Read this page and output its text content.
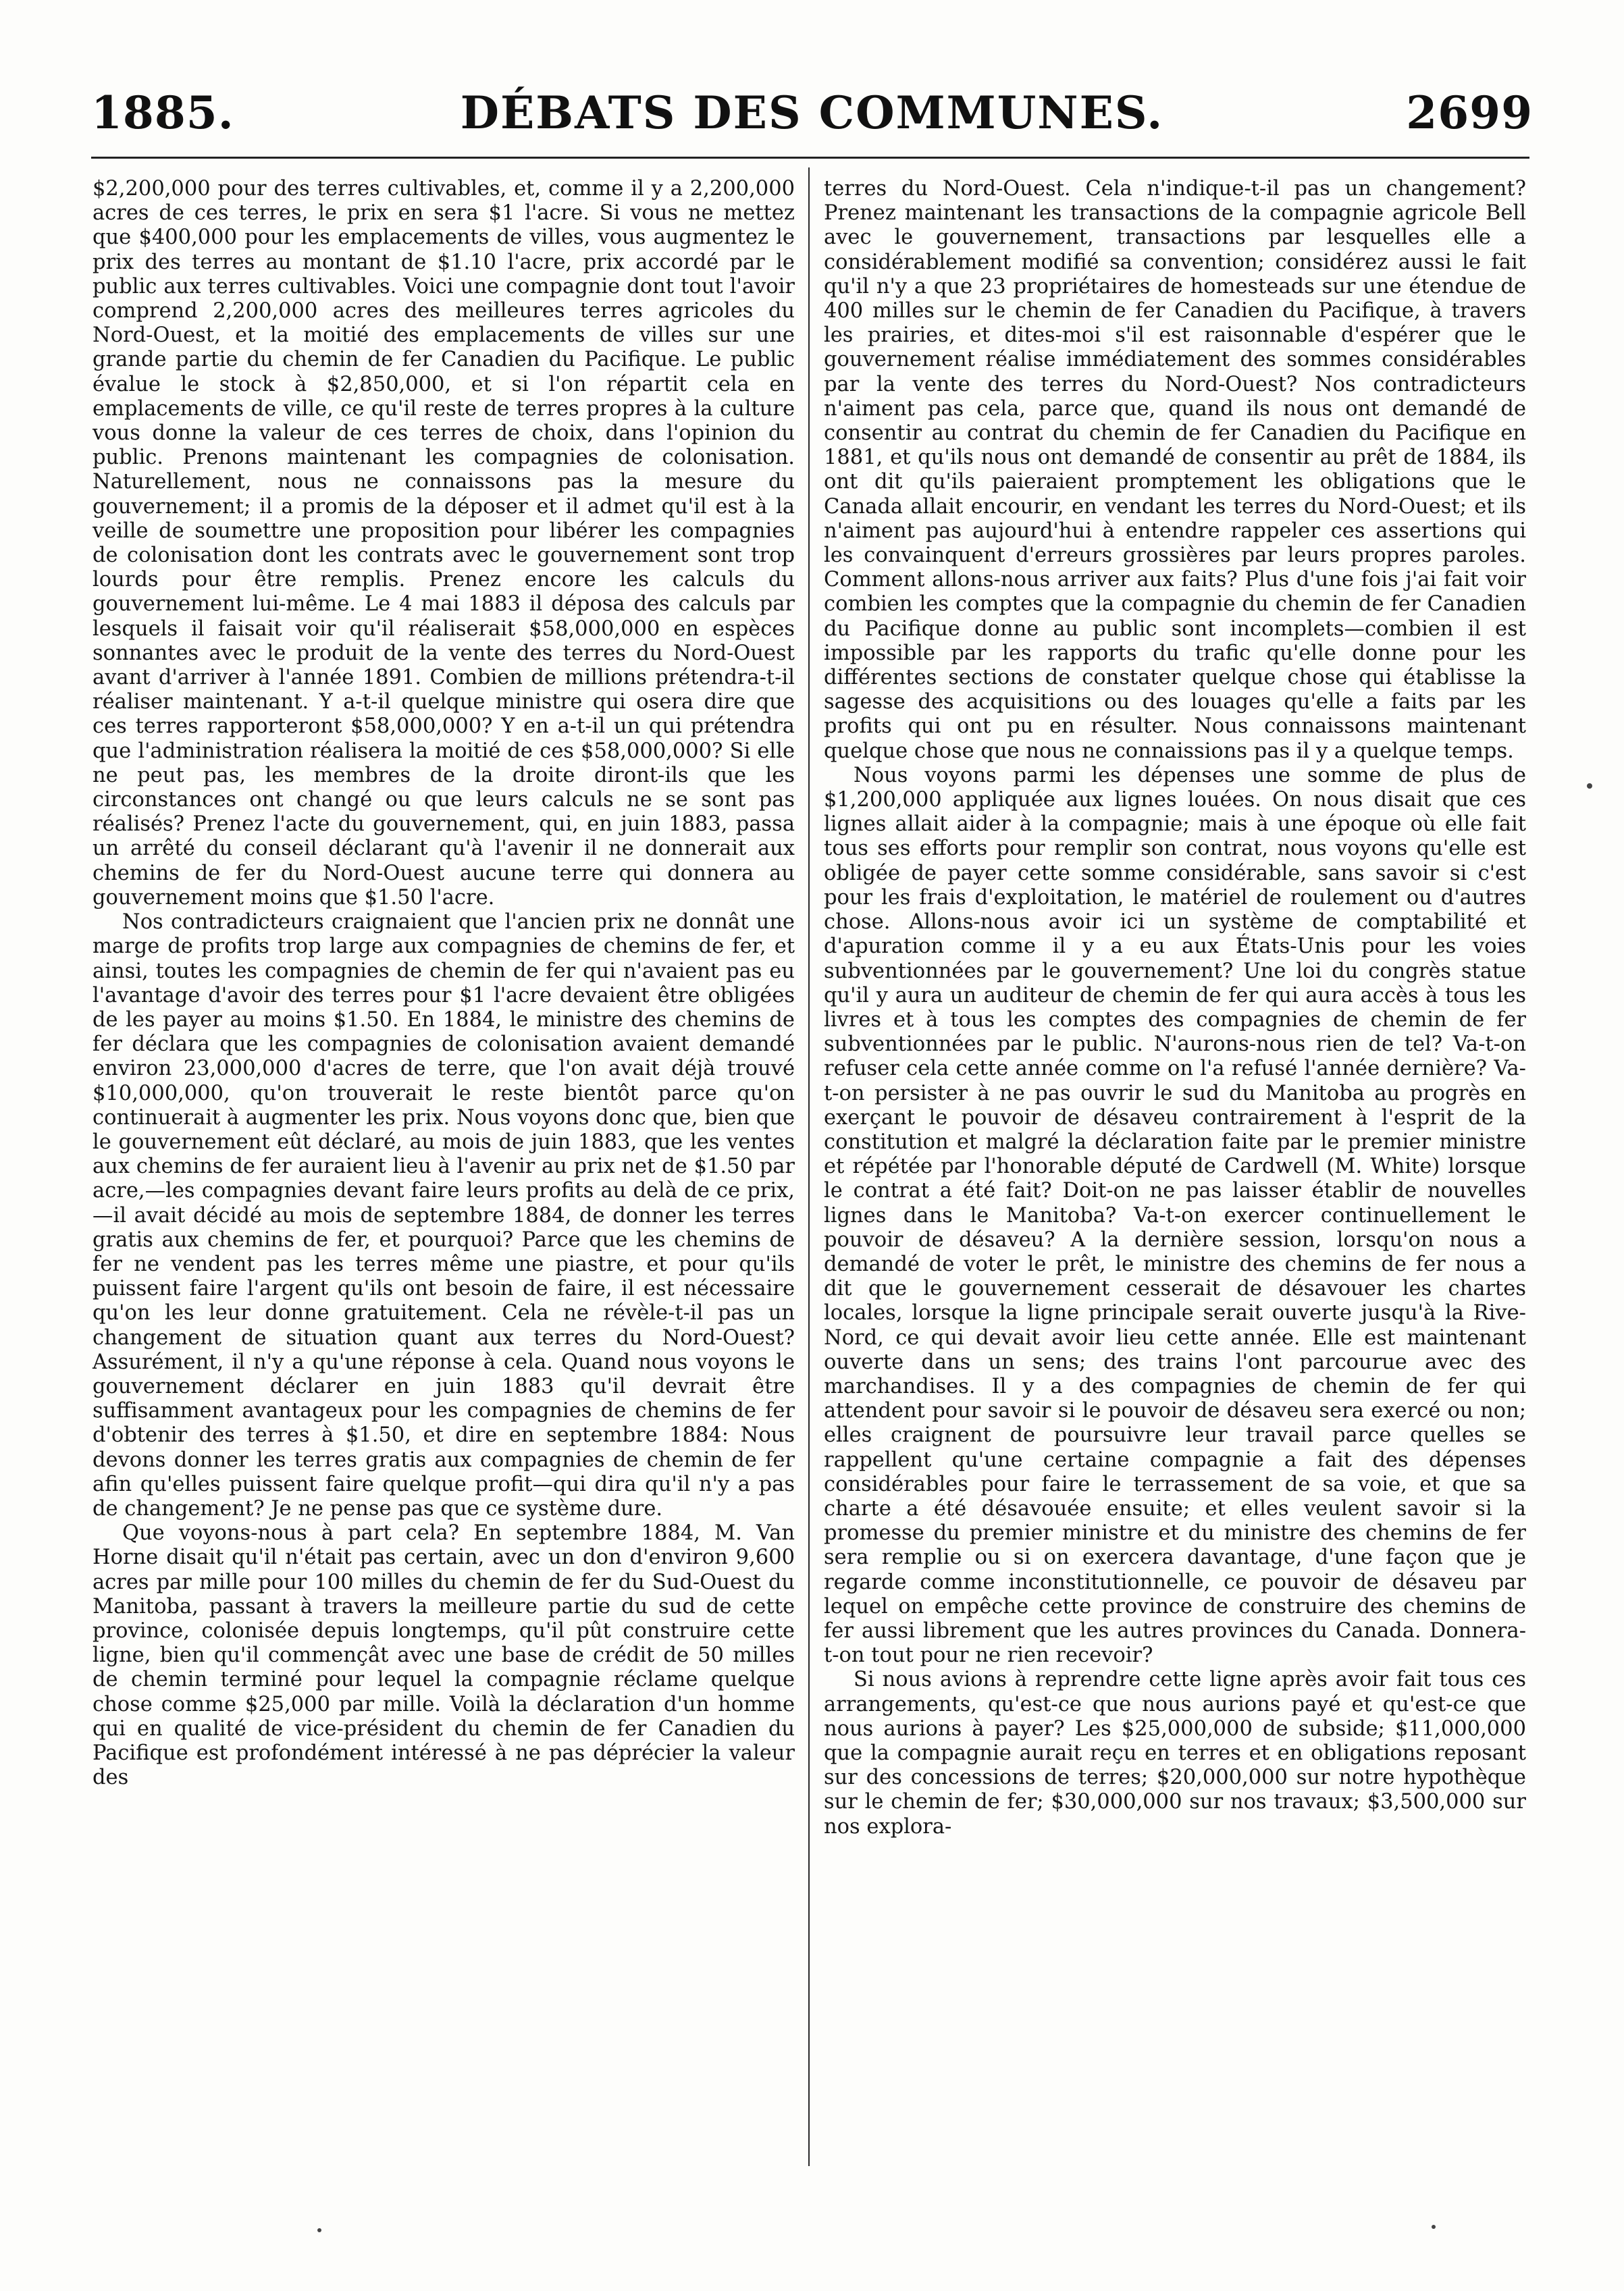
1885.	DÉBATS DES COMMUNES.	2699

$2,200,000 pour des terres cultivables, et, comme il y a 2,200,000 acres de ces terres, le prix en sera $1 l'acre. Si vous ne mettez que $400,000 pour les emplacements de villes, vous augmentez le prix des terres au montant de $1.10 l'acre, prix accordé par le public aux terres cultivables. Voici une compagnie dont tout l'avoir comprend 2,200,000 acres des meilleures terres agricoles du Nord-Ouest, et la moitié des emplacements de villes sur une grande partie du chemin de fer Canadien du Pacifique. Le public évalue le stock à $2,850,000, et si l'on répartit cela en emplacements de ville, ce qu'il reste de terres propres à la culture vous donne la valeur de ces terres de choix, dans l'opinion du public. Prenons maintenant les compagnies de colonisation. Naturellement, nous ne connaissons pas la mesure du gouvernement; il a promis de la déposer et il admet qu'il est à la veille de soumettre une proposition pour libérer les compagnies de colonisation dont les contrats avec le gouvernement sont trop lourds pour être remplis. Prenez encore les calculs du gouvernement lui-même. Le 4 mai 1883 il déposa des calculs par lesquels il faisait voir qu'il réaliserait $58,000,000 en espèces sonnantes avec le produit de la vente des terres du Nord-Ouest avant d'arriver à l'année 1891. Combien de millions prétendra-t-il réaliser maintenant. Y a-t-il quelque ministre qui osera dire que ces terres rapporteront $58,000,000? Y en a-t-il un qui prétendra que l'administration réalisera la moitié de ces $58,000,000? Si elle ne peut pas, les membres de la droite diront-ils que les circonstances ont changé ou que leurs calculs ne se sont pas réalisés? Prenez l'acte du gouvernement, qui, en juin 1883, passa un arrêté du conseil déclarant qu'à l'avenir il ne donnerait aux chemins de fer du Nord-Ouest aucune terre qui donnera au gouvernement moins que $1.50 l'acre.

Nos contradicteurs craignaient que l'ancien prix ne donnât une marge de profits trop large aux compagnies de chemins de fer, et ainsi, toutes les compagnies de chemin de fer qui n'avaient pas eu l'avantage d'avoir des terres pour $1 l'acre devaient être obligées de les payer au moins $1.50. En 1884, le ministre des chemins de fer déclara que les compagnies de colonisation avaient demandé environ 23,000,000 d'acres de terre, que l'on avait déjà trouvé $10,000,000, qu'on trouverait le reste bientôt parce qu'on continuerait à augmenter les prix. Nous voyons donc que, bien que le gouvernement eût déclaré, au mois de juin 1883, que les ventes aux chemins de fer auraient lieu à l'avenir au prix net de $1.50 par acre,—les compagnies devant faire leurs profits au delà de ce prix,—il avait décidé au mois de septembre 1884, de donner les terres gratis aux chemins de fer, et pourquoi? Parce que les chemins de fer ne vendent pas les terres même une piastre, et pour qu'ils puissent faire l'argent qu'ils ont besoin de faire, il est nécessaire qu'on les leur donne gratuitement. Cela ne révèle-t-il pas un changement de situation quant aux terres du Nord-Ouest? Assurément, il n'y a qu'une réponse à cela. Quand nous voyons le gouvernement déclarer en juin 1883 qu'il devrait être suffisamment avantageux pour les compagnies de chemins de fer d'obtenir des terres à $1.50, et dire en septembre 1884: Nous devons donner les terres gratis aux compagnies de chemin de fer afin qu'elles puissent faire quelque profit—qui dira qu'il n'y a pas de changement? Je ne pense pas que ce système dure.

Que voyons-nous à part cela? En septembre 1884, M. Van Horne disait qu'il n'était pas certain, avec un don d'environ 9,600 acres par mille pour 100 milles du chemin de fer du Sud-Ouest du Manitoba, passant à travers la meilleure partie du sud de cette province, colonisée depuis longtemps, qu'il pût construire cette ligne, bien qu'il commençât avec une base de crédit de 50 milles de chemin terminé pour lequel la compagnie réclame quelque chose comme $25,000 par mille. Voilà la déclaration d'un homme qui en qualité de vice-président du chemin de fer Canadien du Pacifique est profondément intéressé à ne pas déprécier la valeur des

terres du Nord-Ouest. Cela n'indique-t-il pas un changement? Prenez maintenant les transactions de la compagnie agricole Bell avec le gouvernement, transactions par lesquelles elle a considérablement modifié sa convention; considérez aussi le fait qu'il n'y a que 23 propriétaires de homesteads sur une étendue de 400 milles sur le chemin de fer Canadien du Pacifique, à travers les prairies, et dites-moi s'il est raisonnable d'espérer que le gouvernement réalise immédiatement des sommes considérables par la vente des terres du Nord-Ouest? Nos contradicteurs n'aiment pas cela, parce que, quand ils nous ont demandé de consentir au contrat du chemin de fer Canadien du Pacifique en 1881, et qu'ils nous ont demandé de consentir au prêt de 1884, ils ont dit qu'ils paieraient promptement les obligations que le Canada allait encourir, en vendant les terres du Nord-Ouest; et ils n'aiment pas aujourd'hui à entendre rappeler ces assertions qui les convainquent d'erreurs grossières par leurs propres paroles. Comment allons-nous arriver aux faits? Plus d'une fois j'ai fait voir combien les comptes que la compagnie du chemin de fer Canadien du Pacifique donne au public sont incomplets—combien il est impossible par les rapports du trafic qu'elle donne pour les différentes sections de constater quelque chose qui établisse la sagesse des acquisitions ou des louages qu'elle a faits par les profits qui ont pu en résulter. Nous connaissons maintenant quelque chose que nous ne connaissions pas il y a quelque temps.

Nous voyons parmi les dépenses une somme de plus de $1,200,000 appliquée aux lignes louées. On nous disait que ces lignes allait aider à la compagnie; mais à une époque où elle fait tous ses efforts pour remplir son contrat, nous voyons qu'elle est obligée de payer cette somme considérable, sans savoir si c'est pour les frais d'exploitation, le matériel de roulement ou d'autres chose. Allons-nous avoir ici un système de comptabilité et d'apuration comme il y a eu aux États-Unis pour les voies subventionnées par le gouvernement? Une loi du congrès statue qu'il y aura un auditeur de chemin de fer qui aura accès à tous les livres et à tous les comptes des compagnies de chemin de fer subventionnées par le public. N'aurons-nous rien de tel? Va-t-on refuser cela cette année comme on l'a refusé l'année dernière? Va-t-on persister à ne pas ouvrir le sud du Manitoba au progrès en exerçant le pouvoir de désaveu contrairement à l'esprit de la constitution et malgré la déclaration faite par le premier ministre et répétée par l'honorable député de Cardwell (M. White) lorsque le contrat a été fait? Doit-on ne pas laisser établir de nouvelles lignes dans le Manitoba? Va-t-on exercer continuellement le pouvoir de désaveu? A la dernière session, lorsqu'on nous a demandé de voter le prêt, le ministre des chemins de fer nous a dit que le gouvernement cesserait de désavouer les chartes locales, lorsque la ligne principale serait ouverte jusqu'à la Rive-Nord, ce qui devait avoir lieu cette année. Elle est maintenant ouverte dans un sens; des trains l'ont parcourue avec des marchandises. Il y a des compagnies de chemin de fer qui attendent pour savoir si le pouvoir de désaveu sera exercé ou non; elles craignent de poursuivre leur travail parce quelles se rappellent qu'une certaine compagnie a fait des dépenses considérables pour faire le terrassement de sa voie, et que sa charte a été désavouée ensuite; et elles veulent savoir si la promesse du premier ministre et du ministre des chemins de fer sera remplie ou si on exercera davantage, d'une façon que je regarde comme inconstitutionnelle, ce pouvoir de désaveu par lequel on empêche cette province de construire des chemins de fer aussi librement que les autres provinces du Canada. Donnera-t-on tout pour ne rien recevoir?

Si nous avions à reprendre cette ligne après avoir fait tous ces arrangements, qu'est-ce que nous aurions payé et qu'est-ce que nous aurions à payer? Les $25,000,000 de subside; $11,000,000 que la compagnie aurait reçu en terres et en obligations reposant sur des concessions de terres; $20,000,000 sur notre hypothèque sur le chemin de fer; $30,000,000 sur nos travaux; $3,500,000 sur nos explora-
